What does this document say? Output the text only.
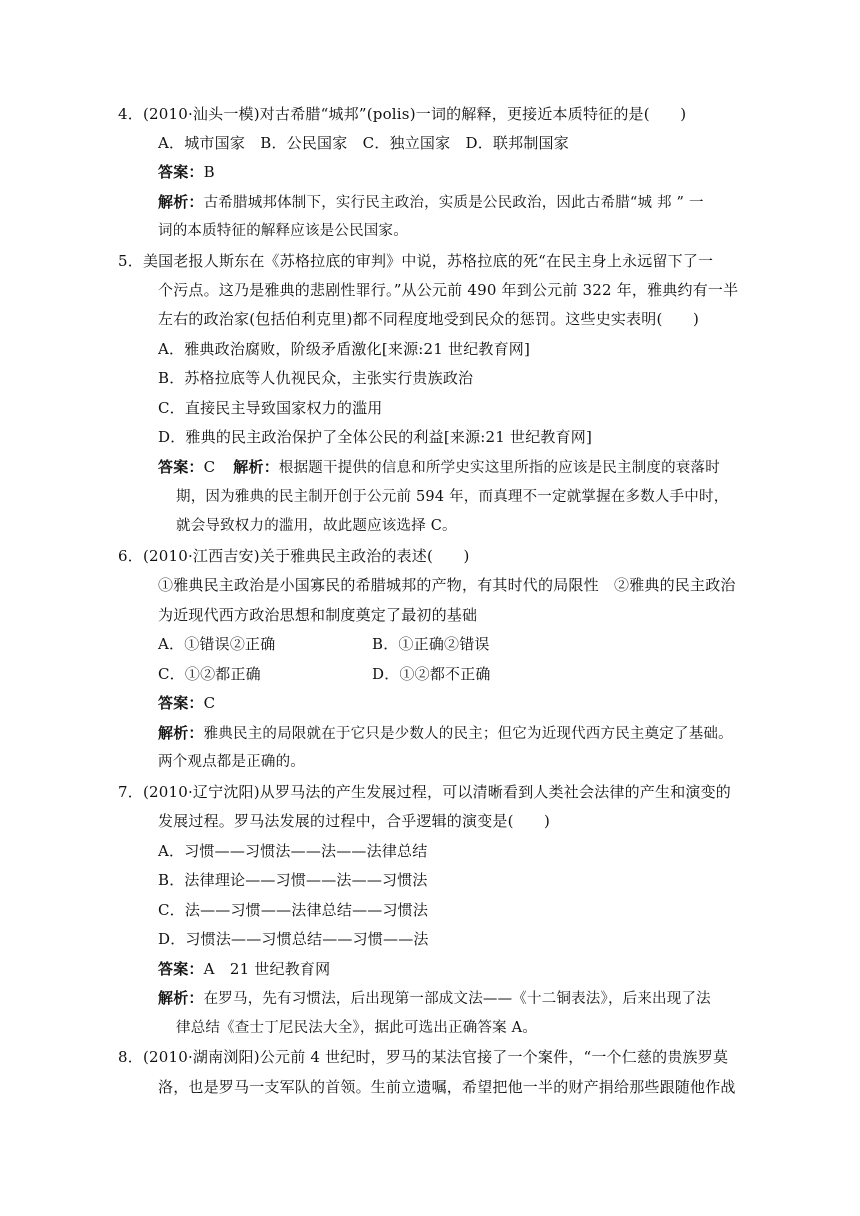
4．(2010·汕头一模)对古希腊“城邦”(polis)一词的解释，更接近本质特征的是(　　)
A．城市国家　B．公民国家　C．独立国家　D．联邦制国家
答案：B
解析：古希腊城邦体制下，实行民主政治，实质是公民政治，因此古希腊“城 邦 ” 一
词的本质特征的解释应该是公民国家。
5．美国老报人斯东在《苏格拉底的审判》中说，苏格拉底的死“在民主身上永远留下了一
个污点。这乃是雅典的悲剧性罪行。”从公元前 490 年到公元前 322 年，雅典约有一半
左右的政治家(包括伯利克里)都不同程度地受到民众的惩罚。这些史实表明(　　)
A．雅典政治腐败，阶级矛盾激化[来源:21 世纪教育网]
B．苏格拉底等人仇视民众，主张实行贵族政治
C．直接民主导致国家权力的滥用
D．雅典的民主政治保护了全体公民的利益[来源:21 世纪教育网]
答案：C 解析：根据题干提供的信息和所学史实这里所指的应该是民主制度的衰落时
期，因为雅典的民主制开创于公元前 594 年，而真理不一定就掌握在多数人手中时，
就会导致权力的滥用，故此题应该选择 C。
6．(2010·江西吉安)关于雅典民主政治的表述(　　)
①雅典民主政治是小国寡民的希腊城邦的产物，有其时代的局限性　②雅典的民主政治
为近现代西方政治思想和制度奠定了最初的基础
A．①错误②正确	B．①正确②错误
C．①②都正确	D．①②都不正确
答案：C
解析：雅典民主的局限就在于它只是少数人的民主；但它为近现代西方民主奠定了基础。
两个观点都是正确的。
7．(2010·辽宁沈阳)从罗马法的产生发展过程，可以清晰看到人类社会法律的产生和演变的
发展过程。罗马法发展的过程中，合乎逻辑的演变是(　　)
A．习惯——习惯法——法——法律总结
B．法律理论——习惯——法——习惯法
C．法——习惯——法律总结——习惯法
D．习惯法——习惯总结——习惯——法
答案：A　21 世纪教育网
解析：在罗马，先有习惯法，后出现第一部成文法——《十二铜表法》，后来出现了法
律总结《查士丁尼民法大全》，据此可选出正确答案 A。
8．(2010·湖南浏阳)公元前 4 世纪时，罗马的某法官接了一个案件，“一个仁慈的贵族罗莫
洛，也是罗马一支军队的首领。生前立遗嘱，希望把他一半的财产捐给那些跟随他作战
